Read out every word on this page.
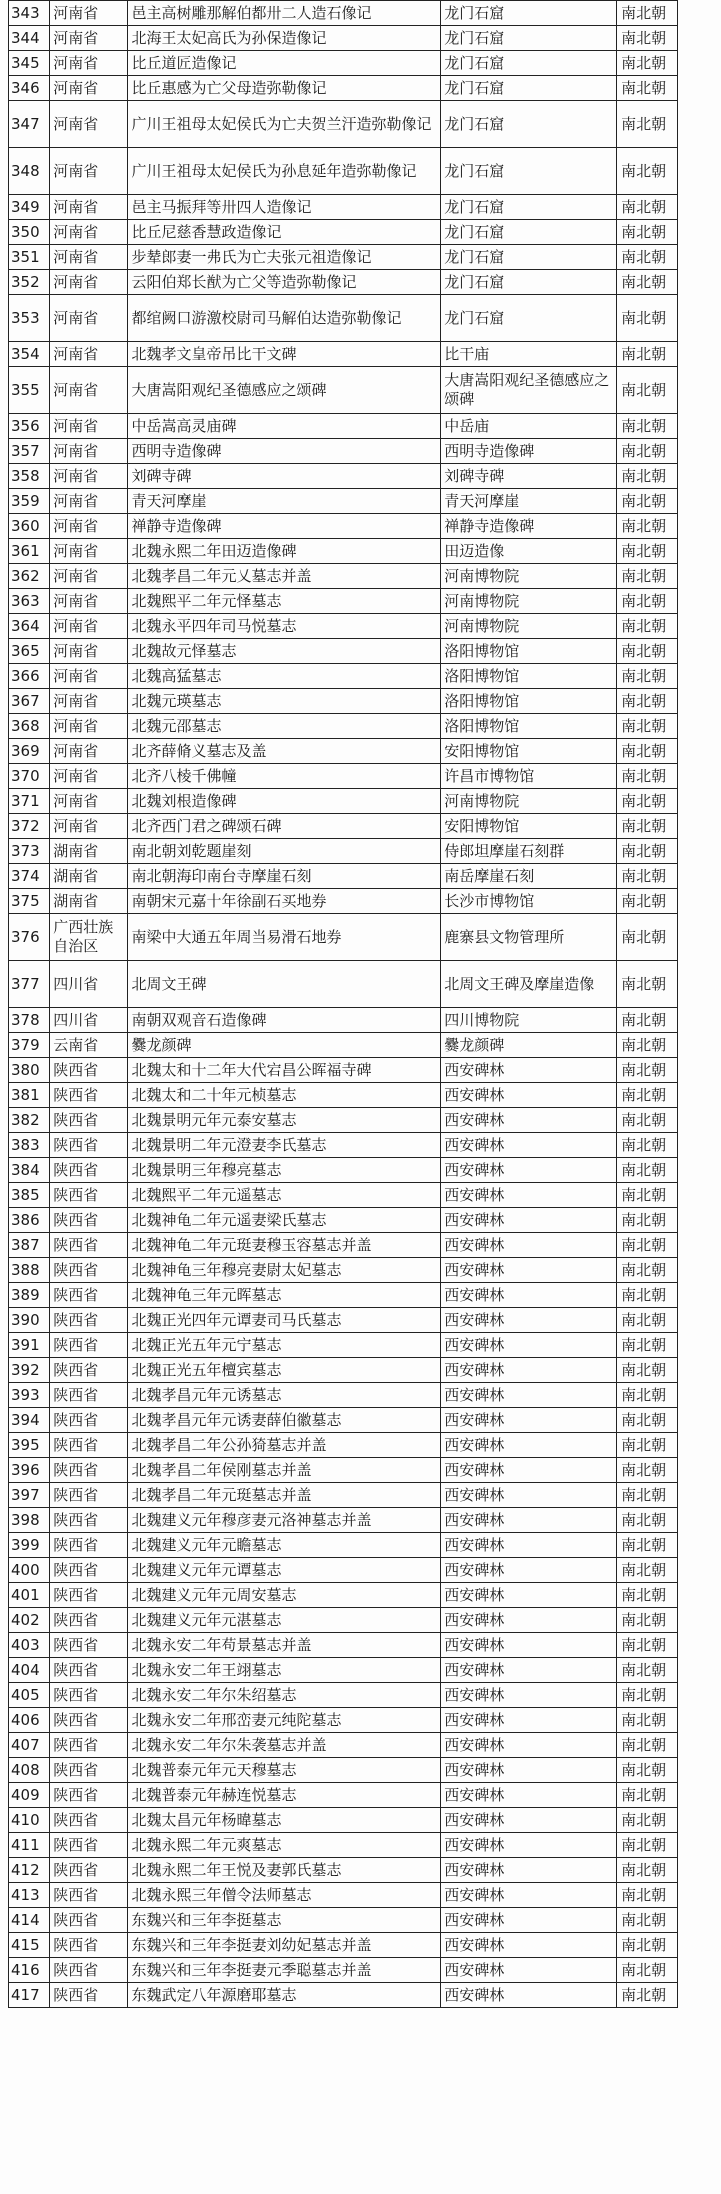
343	河南省	邑主高树雕那解伯都卅二人造石像记	龙门石窟	南北朝
344	河南省	北海王太妃高氏为孙保造像记	龙门石窟	南北朝
345	河南省	比丘道匠造像记	龙门石窟	南北朝
346	河南省	比丘惠感为亡父母造弥勒像记	龙门石窟	南北朝
347	河南省	广川王祖母太妃侯氏为亡夫贺兰汗造弥勒像记	龙门石窟	南北朝
348	河南省	广川王祖母太妃侯氏为孙息延年造弥勒像记	龙门石窟	南北朝
349	河南省	邑主马振拜等卅四人造像记	龙门石窟	南北朝
350	河南省	比丘尼慈香慧政造像记	龙门石窟	南北朝
351	河南省	步辇郎妻一弗氏为亡夫张元祖造像记	龙门石窟	南北朝
352	河南省	云阳伯郑长猷为亡父等造弥勒像记	龙门石窟	南北朝
353	河南省	都绾阙口游激校尉司马解伯达造弥勒像记	龙门石窟	南北朝
354	河南省	北魏孝文皇帝吊比干文碑	比干庙	南北朝
355	河南省	大唐嵩阳观纪圣德感应之颂碑	大唐嵩阳观纪圣德感应之颂碑	南北朝
356	河南省	中岳嵩高灵庙碑	中岳庙	南北朝
357	河南省	西明寺造像碑	西明寺造像碑	南北朝
358	河南省	刘碑寺碑	刘碑寺碑	南北朝
359	河南省	青天河摩崖	青天河摩崖	南北朝
360	河南省	禅静寺造像碑	禅静寺造像碑	南北朝
361	河南省	北魏永熙二年田迈造像碑	田迈造像	南北朝
362	河南省	北魏孝昌二年元乂墓志并盖	河南博物院	南北朝
363	河南省	北魏熙平二年元怿墓志	河南博物院	南北朝
364	河南省	北魏永平四年司马悦墓志	河南博物院	南北朝
365	河南省	北魏故元怿墓志	洛阳博物馆	南北朝
366	河南省	北魏高猛墓志	洛阳博物馆	南北朝
367	河南省	北魏元瑛墓志	洛阳博物馆	南北朝
368	河南省	北魏元邵墓志	洛阳博物馆	南北朝
369	河南省	北齐薛脩义墓志及盖	安阳博物馆	南北朝
370	河南省	北齐八棱千佛幢	许昌市博物馆	南北朝
371	河南省	北魏刘根造像碑	河南博物院	南北朝
372	河南省	北齐西门君之碑颂石碑	安阳博物馆	南北朝
373	湖南省	南北朝刘乾题崖刻	侍郎坦摩崖石刻群	南北朝
374	湖南省	南北朝海印南台寺摩崖石刻	南岳摩崖石刻	南北朝
375	湖南省	南朝宋元嘉十年徐副石买地券	长沙市博物馆	南北朝
376	广西壮族自治区	南梁中大通五年周当易滑石地券	鹿寨县文物管理所	南北朝
377	四川省	北周文王碑	北周文王碑及摩崖造像	南北朝
378	四川省	南朝双观音石造像碑	四川博物院	南北朝
379	云南省	爨龙颜碑	爨龙颜碑	南北朝
380	陕西省	北魏太和十二年大代宕昌公晖福寺碑	西安碑林	南北朝
381	陕西省	北魏太和二十年元桢墓志	西安碑林	南北朝
382	陕西省	北魏景明元年元泰安墓志	西安碑林	南北朝
383	陕西省	北魏景明二年元澄妻李氏墓志	西安碑林	南北朝
384	陕西省	北魏景明三年穆亮墓志	西安碑林	南北朝
385	陕西省	北魏熙平二年元遥墓志	西安碑林	南北朝
386	陕西省	北魏神龟二年元遥妻梁氏墓志	西安碑林	南北朝
387	陕西省	北魏神龟二年元珽妻穆玉容墓志并盖	西安碑林	南北朝
388	陕西省	北魏神龟三年穆亮妻尉太妃墓志	西安碑林	南北朝
389	陕西省	北魏神龟三年元晖墓志	西安碑林	南北朝
390	陕西省	北魏正光四年元谭妻司马氏墓志	西安碑林	南北朝
391	陕西省	北魏正光五年元宁墓志	西安碑林	南北朝
392	陕西省	北魏正光五年檀宾墓志	西安碑林	南北朝
393	陕西省	北魏孝昌元年元诱墓志	西安碑林	南北朝
394	陕西省	北魏孝昌元年元诱妻薛伯徽墓志	西安碑林	南北朝
395	陕西省	北魏孝昌二年公孙猗墓志并盖	西安碑林	南北朝
396	陕西省	北魏孝昌二年侯刚墓志并盖	西安碑林	南北朝
397	陕西省	北魏孝昌二年元珽墓志并盖	西安碑林	南北朝
398	陕西省	北魏建义元年穆彦妻元洛神墓志并盖	西安碑林	南北朝
399	陕西省	北魏建义元年元瞻墓志	西安碑林	南北朝
400	陕西省	北魏建义元年元谭墓志	西安碑林	南北朝
401	陕西省	北魏建义元年元周安墓志	西安碑林	南北朝
402	陕西省	北魏建义元年元湛墓志	西安碑林	南北朝
403	陕西省	北魏永安二年苟景墓志并盖	西安碑林	南北朝
404	陕西省	北魏永安二年王翊墓志	西安碑林	南北朝
405	陕西省	北魏永安二年尔朱绍墓志	西安碑林	南北朝
406	陕西省	北魏永安二年邢峦妻元纯陀墓志	西安碑林	南北朝
407	陕西省	北魏永安二年尔朱袭墓志并盖	西安碑林	南北朝
408	陕西省	北魏普泰元年元天穆墓志	西安碑林	南北朝
409	陕西省	北魏普泰元年赫连悦墓志	西安碑林	南北朝
410	陕西省	北魏太昌元年杨暐墓志	西安碑林	南北朝
411	陕西省	北魏永熙二年元爽墓志	西安碑林	南北朝
412	陕西省	北魏永熙二年王悦及妻郭氏墓志	西安碑林	南北朝
413	陕西省	北魏永熙三年僧令法师墓志	西安碑林	南北朝
414	陕西省	东魏兴和三年李挺墓志	西安碑林	南北朝
415	陕西省	东魏兴和三年李挺妻刘幼妃墓志并盖	西安碑林	南北朝
416	陕西省	东魏兴和三年李挺妻元季聪墓志并盖	西安碑林	南北朝
417	陕西省	东魏武定八年源磨耶墓志	西安碑林	南北朝
